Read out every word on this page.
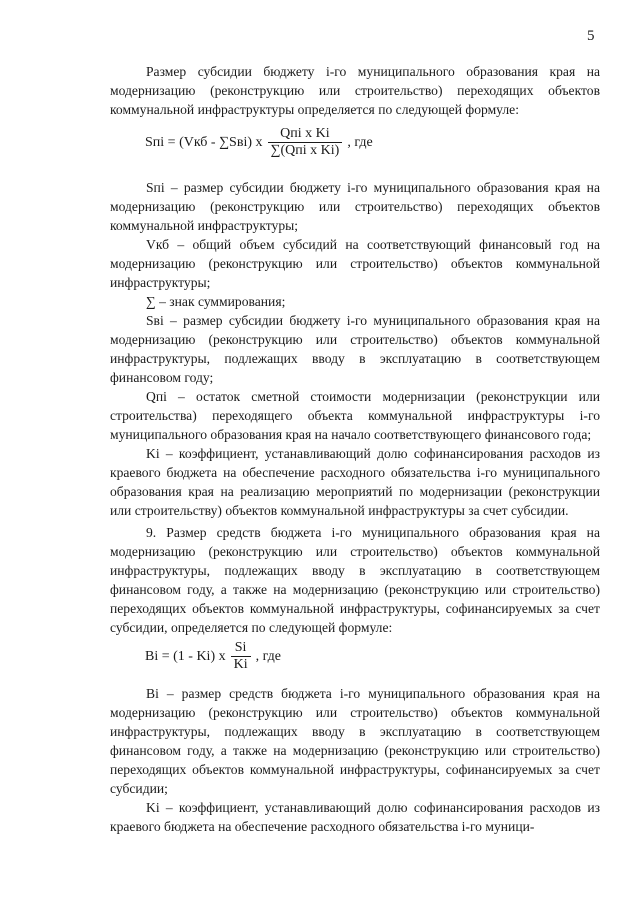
5

Размер субсидии бюджету i-го муниципального образования края на модернизацию (реконструкцию или строительство) переходящих объектов коммунальной инфраструктуры определяется по следующей формуле:

Sпi = (Vкб - ∑Sвi) x $\frac{\text{Qпi x Ki}}{\text{∑(Qпi x Ki)}}$ , где

Sпi – размер субсидии бюджету i-го муниципального образования края на модернизацию (реконструкцию или строительство) переходящих объектов коммунальной инфраструктуры;

Vкб – общий объем субсидий на соответствующий финансовый год на модернизацию (реконструкцию или строительство) объектов коммунальной инфраструктуры;

∑ – знак суммирования;

Sвi – размер субсидии бюджету i-го муниципального образования края на модернизацию (реконструкцию или строительство) объектов коммунальной инфраструктуры, подлежащих вводу в эксплуатацию в соответствующем финансовом году;

Qпi – остаток сметной стоимости модернизации (реконструкции или строительства) переходящего объекта коммунальной инфраструктуры i-го муниципального образования края на начало соответствующего финансового года;

Ki – коэффициент, устанавливающий долю софинансирования расходов из краевого бюджета на обеспечение расходного обязательства i-го муниципального образования края на реализацию мероприятий по модернизации (реконструкции или строительству) объектов коммунальной инфраструктуры за счет субсидии.

9. Размер средств бюджета i-го муниципального образования края на модернизацию (реконструкцию или строительство) объектов коммунальной инфраструктуры, подлежащих вводу в эксплуатацию в соответствующем финансовом году, а также на модернизацию (реконструкцию или строительство) переходящих объектов коммунальной инфраструктуры, софинансируемых за счет субсидии, определяется по следующей формуле:

Bi = (1 - Ki) x $\frac{Si}{Ki}$ , где

Bi – размер средств бюджета i-го муниципального образования края на модернизацию (реконструкцию или строительство) объектов коммунальной инфраструктуры, подлежащих вводу в эксплуатацию в соответствующем финансовом году, а также на модернизацию (реконструкцию или строительство) переходящих объектов коммунальной инфраструктуры, софинансируемых за счет субсидии;

Ki – коэффициент, устанавливающий долю софинансирования расходов из краевого бюджета на обеспечение расходного обязательства i-го муници-
